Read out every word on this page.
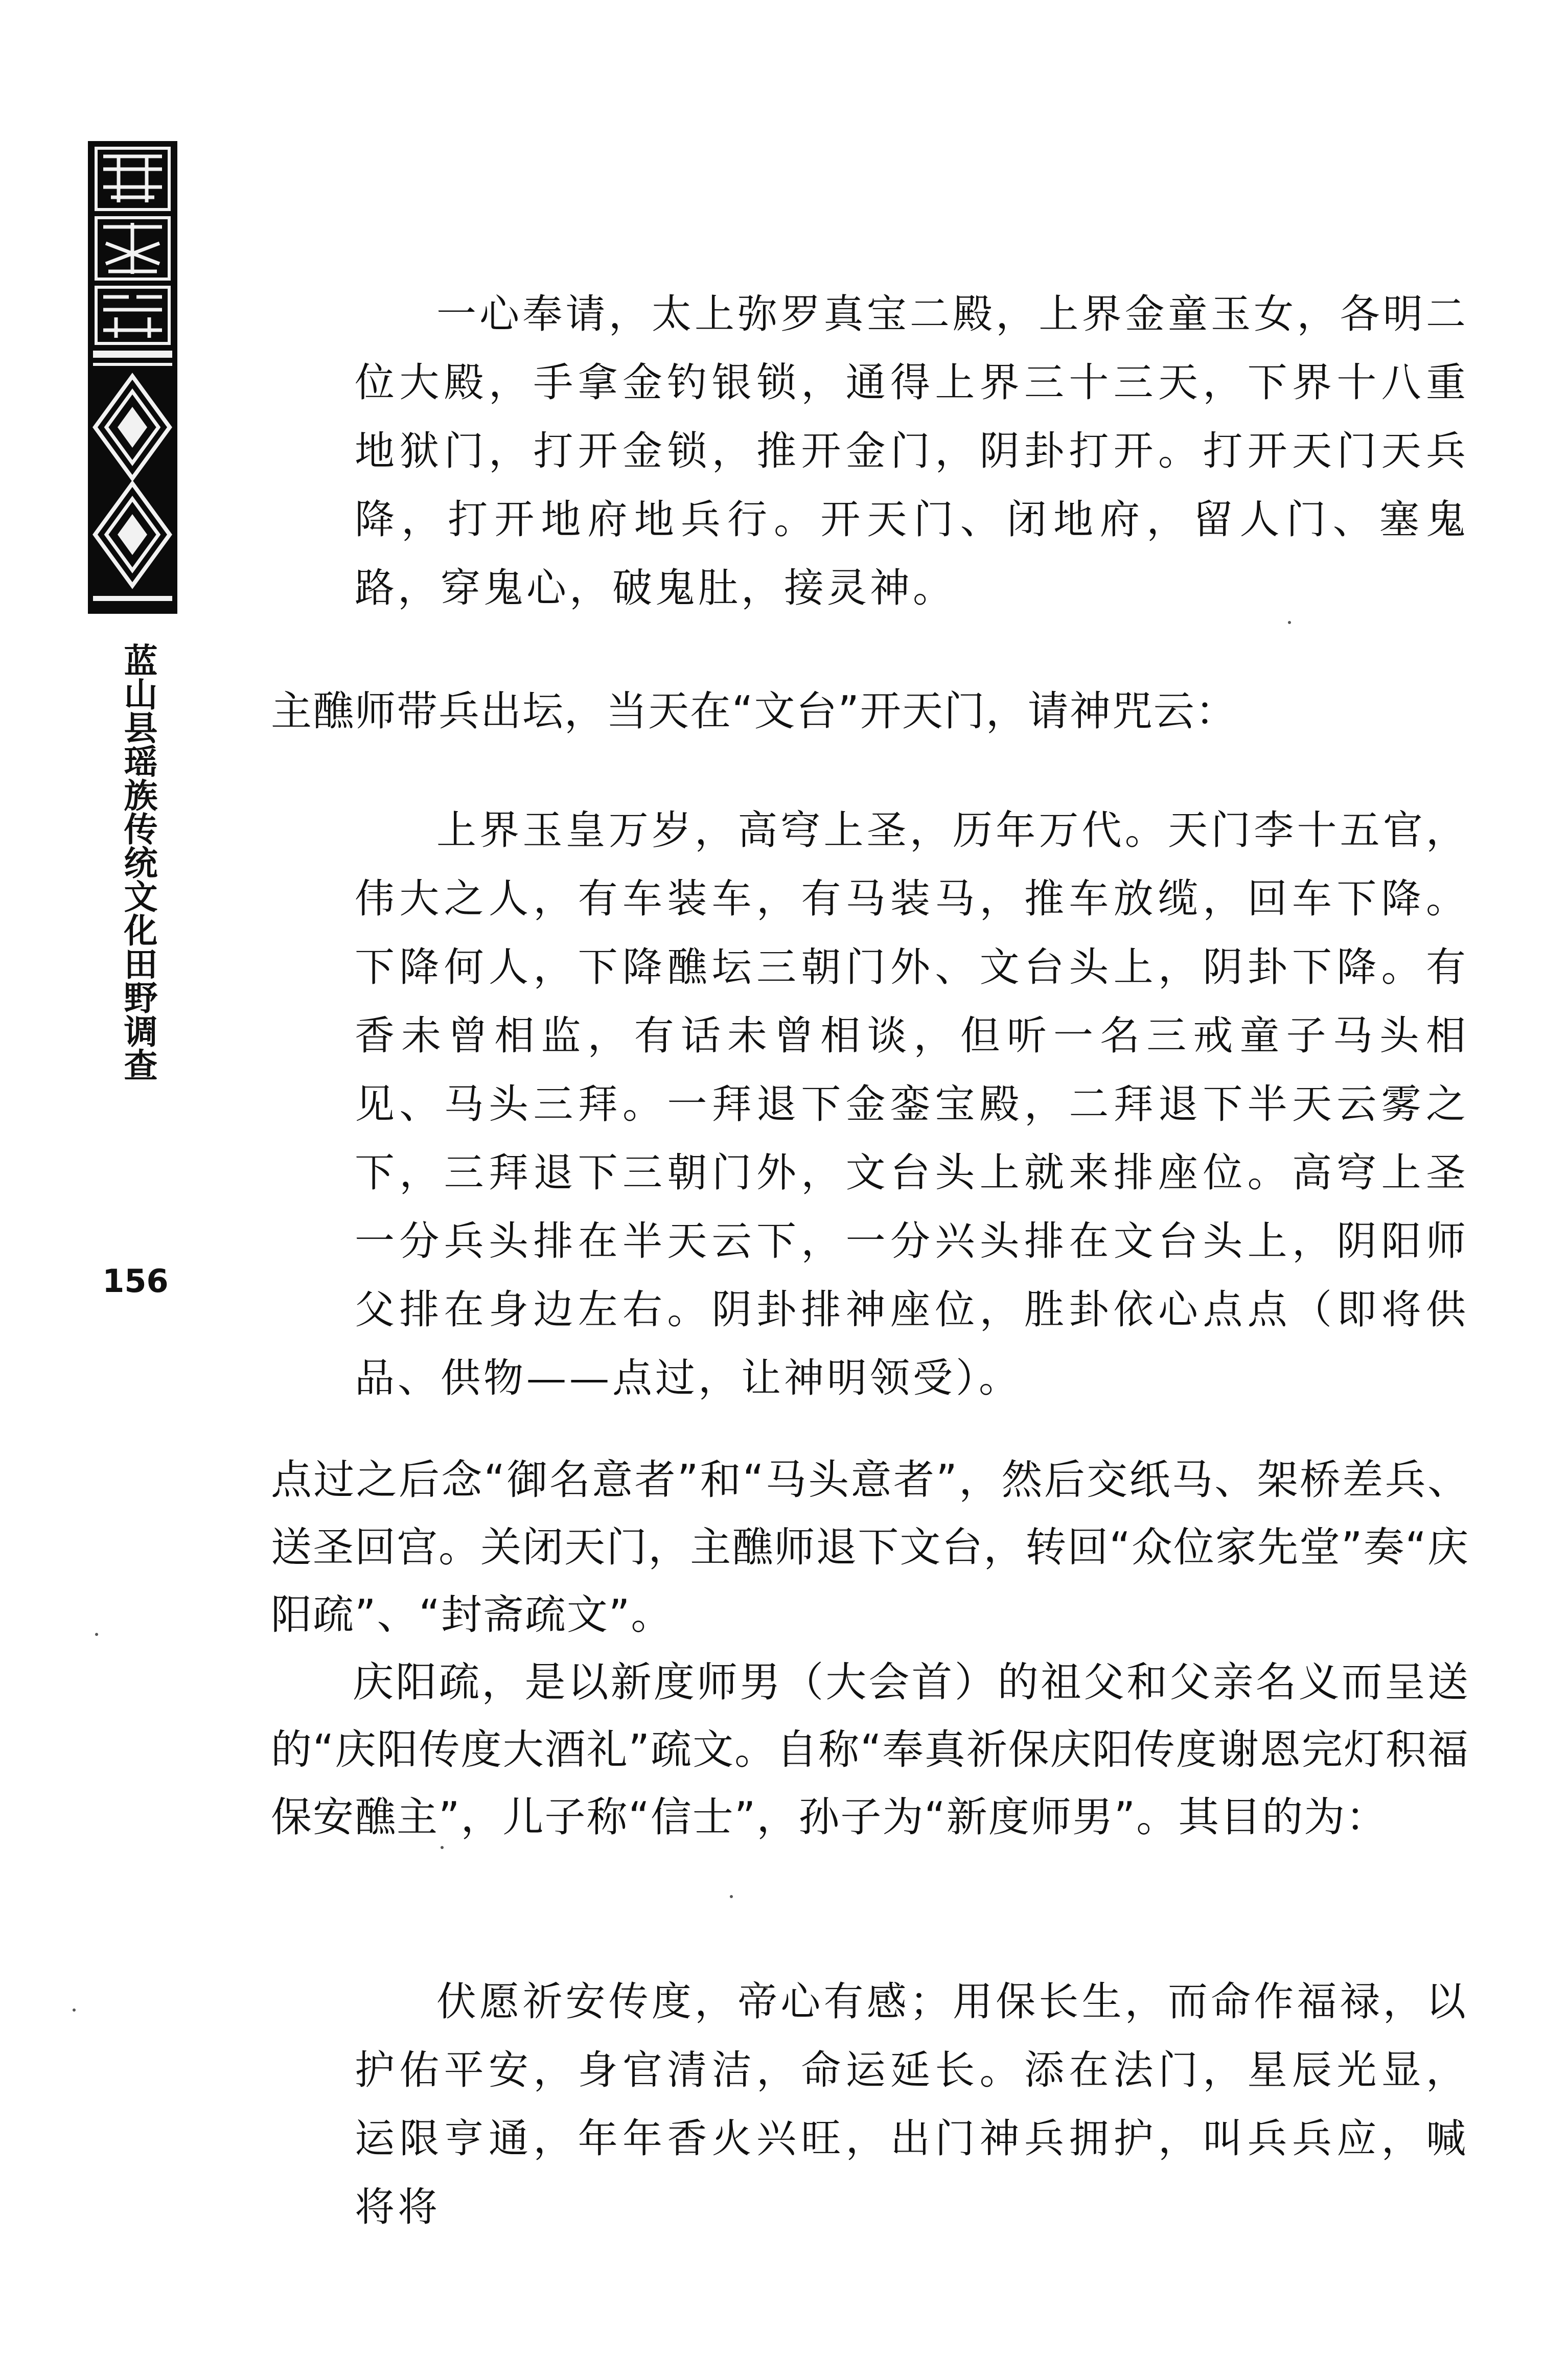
蓝山县瑶族传统文化田野调查
156

一心奉请，太上弥罗真宝二殿，上界金童玉女，各明二位大殿，手拿金钓银锁，通得上界三十三天，下界十八重地狱门，打开金锁，推开金门，阴卦打开。打开天门天兵降，打开地府地兵行。开天门、闭地府，留人门、塞鬼路，穿鬼心，破鬼肚，接灵神。

主醮师带兵出坛，当天在“文台”开天门，请神咒云：

上界玉皇万岁，高穹上圣，历年万代。天门李十五官，伟大之人，有车装车，有马装马，推车放缆，回车下降。下降何人，下降醮坛三朝门外、文台头上，阴卦下降。有香未曾相监，有话未曾相谈，但听一名三戒童子马头相见、马头三拜。一拜退下金銮宝殿，二拜退下半天云雾之下，三拜退下三朝门外，文台头上就来排座位。高穹上圣一分兵头排在半天云下，一分兴头排在文台头上，阴阳师父排在身边左右。阴卦排神座位，胜卦依心点点（即将供品、供物——点过，让神明领受）。

点过之后念“御名意者”和“马头意者”，然后交纸马、架桥差兵、送圣回宫。关闭天门，主醮师退下文台，转回“众位家先堂”奏“庆阳疏”、“封斋疏文”。

庆阳疏，是以新度师男（大会首）的祖父和父亲名义而呈送的“庆阳传度大酒礼”疏文。自称“奉真祈保庆阳传度谢恩完灯积福保安醮主”，儿子称“信士”，孙子为“新度师男”。其目的为：

伏愿祈安传度，帝心有感；用保长生，而命作福禄，以护佑平安，身官清洁，命运延长。添在法门，星辰光显，运限亨通，年年香火兴旺，出门神兵拥护，叫兵兵应，喊将将
